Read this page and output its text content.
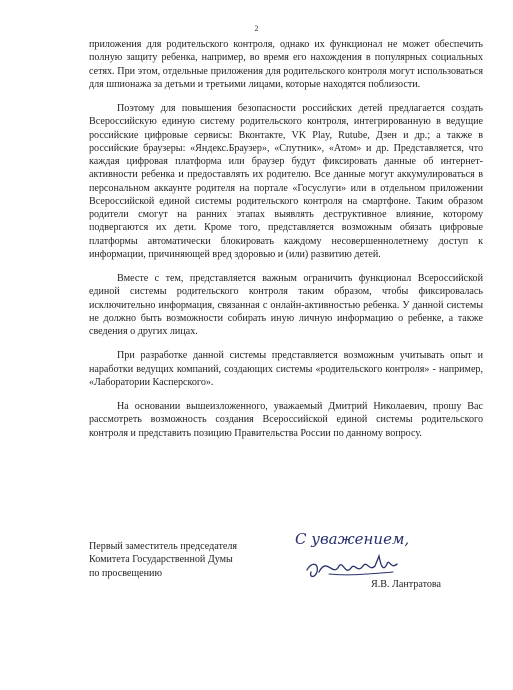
2

приложения для родительского контроля, однако их функционал не может обеспечить полную защиту ребенка, например, во время его нахождения в популярных социальных сетях. При этом, отдельные приложения для родительского контроля могут использоваться для шпионажа за детьми и третьими лицами, которые находятся поблизости.

Поэтому для повышения безопасности российских детей предлагается создать Всероссийскую единую систему родительского контроля, интегрированную в ведущие российские цифровые сервисы: Вконтакте, VK Play, Rutube, Дзен и др.; а также в российские браузеры: «Яндекс.Браузер», «Спутник», «Атом» и др. Представляется, что каждая цифровая платформа или браузер будут фиксировать данные об интернет-активности ребенка и предоставлять их родителю. Все данные могут аккумулироваться в персональном аккаунте родителя на портале «Госуслуги» или в отдельном приложении Всероссийской единой системы родительского контроля на смартфоне. Таким образом родители смогут на ранних этапах выявлять деструктивное влияние, которому подвергаются их дети. Кроме того, представляется возможным обязать цифровые платформы автоматически блокировать каждому несовершеннолетнему доступ к информации, причиняющей вред здоровью и (или) развитию детей.

Вместе с тем, представляется важным ограничить функционал Всероссийской единой системы родительского контроля таким образом, чтобы фиксировалась исключительно информация, связанная с онлайн-активностью ребенка. У данной системы не должно быть возможности собирать иную личную информацию о ребенке, а также сведения о других лицах.

При разработке данной системы представляется возможным учитывать опыт и наработки ведущих компаний, создающих системы «родительского контроля» - например, «Лаборатории Касперского».

На основании вышеизложенного, уважаемый Дмитрий Николаевич, прошу Вас рассмотреть возможность создания Всероссийской единой системы родительского контроля и представить позицию Правительства России по данному вопросу.

Первый заместитель председателя
Комитета Государственной Думы
по просвещению
С уважением,
Я.В. Лантратова
